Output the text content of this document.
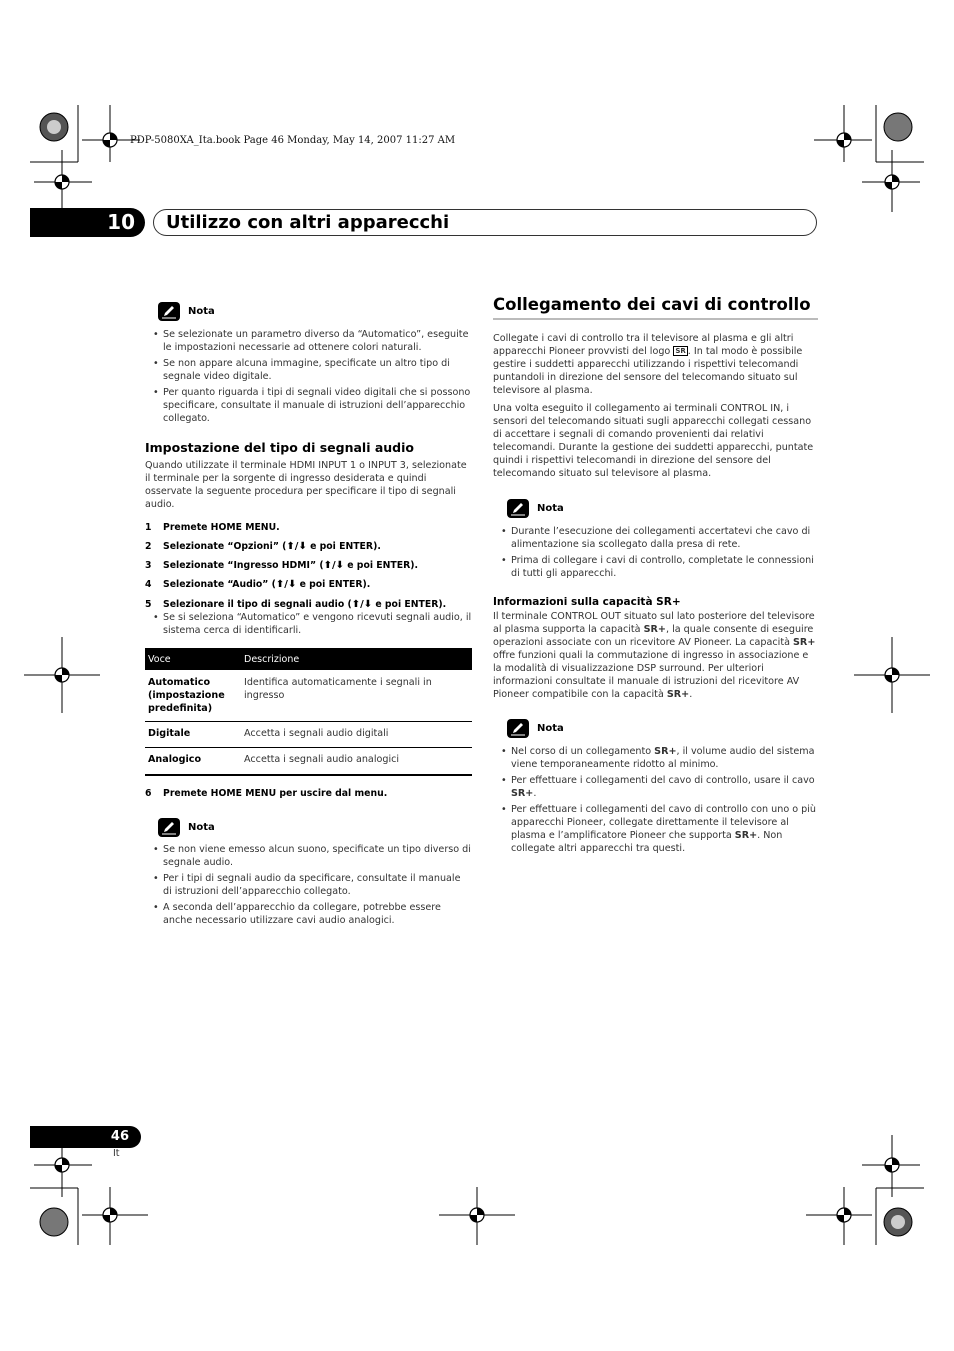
PDP-5080XA_Ita.book Page 46 Monday, May 14, 2007 11:27 AM
10	Utilizzo con altri apparecchi
Nota
• Se selezionate un parametro diverso da “Automatico”, eseguite le impostazioni necessarie ad ottenere colori naturali.
• Se non appare alcuna immagine, specificate un altro tipo di segnale video digitale.
• Per quanto riguarda i tipi di segnali video digitali che si possono specificare, consultate il manuale di istruzioni dell’apparecchio collegato.
Impostazione del tipo di segnali audio
Quando utilizzate il terminale HDMI INPUT 1 o INPUT 3, selezionate il terminale per la sorgente di ingresso desiderata e quindi osservate la seguente procedura per specificare il tipo di segnali audio.
1 Premete HOME MENU.
2 Selezionate “Opzioni” (⬆/⬇ e poi ENTER).
3 Selezionate “Ingresso HDMI” (⬆/⬇ e poi ENTER).
4 Selezionate “Audio” (⬆/⬇ e poi ENTER).
5 Selezionare il tipo di segnali audio (⬆/⬇ e poi ENTER).
• Se si seleziona “Automatico” e vengono ricevuti segnali audio, il sistema cerca di identificarli.
Voce	Descrizione
Automatico (impostazione predefinita)	Identifica automaticamente i segnali in ingresso
Digitale	Accetta i segnali audio digitali
Analogico	Accetta i segnali audio analogici
6 Premete HOME MENU per uscire dal menu.
Nota
• Se non viene emesso alcun suono, specificate un tipo diverso di segnale audio.
• Per i tipi di segnali audio da specificare, consultate il manuale di istruzioni dell’apparecchio collegato.
• A seconda dell’apparecchio da collegare, potrebbe essere anche necessario utilizzare cavi audio analogici.
Collegamento dei cavi di controllo
Collegate i cavi di controllo tra il televisore al plasma e gli altri apparecchi Pioneer provvisti del logo SR . In tal modo è possibile gestire i suddetti apparecchi utilizzando i rispettivi telecomandi puntandoli in direzione del sensore del telecomando situato sul televisore al plasma.
Una volta eseguito il collegamento ai terminali CONTROL IN, i sensori del telecomando situati sugli apparecchi collegati cessano di accettare i segnali di comando provenienti dai relativi telecomandi. Durante la gestione dei suddetti apparecchi, puntate quindi i rispettivi telecomandi in direzione del sensore del telecomando situato sul televisore al plasma.
Nota
• Durante l’esecuzione dei collegamenti accertatevi che cavo di alimentazione sia scollegato dalla presa di rete.
• Prima di collegare i cavi di controllo, completate le connessioni di tutti gli apparecchi.
Informazioni sulla capacità SR+
Il terminale CONTROL OUT situato sul lato posteriore del televisore al plasma supporta la capacità SR+, la quale consente di eseguire operazioni associate con un ricevitore AV Pioneer. La capacità SR+ offre funzioni quali la commutazione di ingresso in associazione e la modalità di visualizzazione DSP surround. Per ulteriori informazioni consultate il manuale di istruzioni del ricevitore AV Pioneer compatibile con la capacità SR+.
Nota
• Nel corso di un collegamento SR+, il volume audio del sistema viene temporaneamente ridotto al minimo.
• Per effettuare i collegamenti del cavo di controllo, usare il cavo SR+.
• Per effettuare i collegamenti del cavo di controllo con uno o più apparecchi Pioneer, collegate direttamente il televisore al plasma e l’amplificatore Pioneer che supporta SR+. Non collegate altri apparecchi tra questi.
46
It
